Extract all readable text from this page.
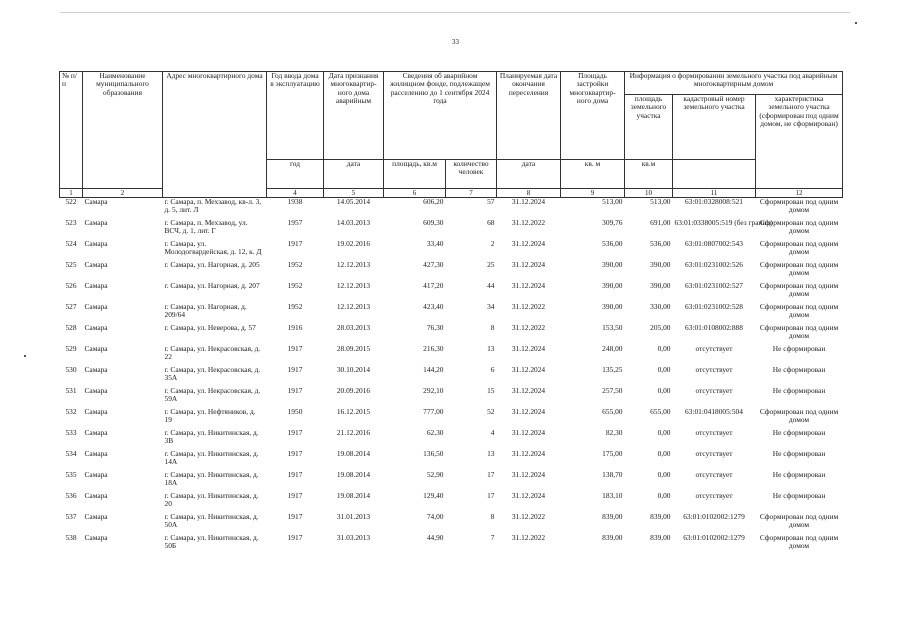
33
№ п/п	Наименование муниципального образования	Адрес многоквартирного дома	Год ввода дома в эксплуатацию	Дата признания многоквартир-ного дома аварийным	Сведения об аварийном жилищном фонде, подлежащем расселению до 1 сентября 2024 года		Планируемая дата окончания переселения	Площадь застройки многоквартир-ного дома	Информация о формировании земельного участка под аварийным многоквартирным домом		
									площадь земельного участка	кадастровый номер земельного участка	характеристика земельного участка (сформирован под одним домом, не сформирован)
			год	дата	площадь, кв.м	количество человек	дата	кв. м	кв.м		
1	2		4	5	6	7	8	9	10	11	12
522	Самара	г. Самара, п. Мехзавод, кв-л. 3, д. 5, лит. Л	1938	14.05.2014	606,20	57	31.12.2024	513,00	513,00	63:01:0328008:521	Сформирован под одним домом
523	Самара	г. Самара, п. Мехзавод, ул. ВСЧ, д. 1, лит. Г	1957	14.03.2013	609,30	68	31.12.2022	309,76	691,00	63:01:0338005:519 (без границ)	Сформирован под одним домом
524	Самара	г. Самара, ул. Молодогвардейская, д. 12, к. Д	1917	19.02.2016	33,40	2	31.12.2024	536,00	536,00	63:01:0807002:543	Сформирован под одним домом
525	Самара	г. Самара, ул. Нагорная, д. 205	1952	12.12.2013	427,30	25	31.12.2024	390,00	390,00	63:01:0231002:526	Сформирован под одним домом
526	Самара	г. Самара, ул. Нагорная, д. 207	1952	12.12.2013	417,20	44	31.12.2024	390,00	390,00	63:01:0231002:527	Сформирован под одним домом
527	Самара	г. Самара, ул. Нагорная, д. 209/64	1952	12.12.2013	423,40	34	31.12.2022	390,00	330,00	63:01:0231002:528	Сформирован под одним домом
528	Самара	г. Самара, ул. Неверова, д. 57	1916	28.03.2013	76,30	8	31.12.2022	153,50	205,00	63:01:0108002:888	Сформирован под одним домом
529	Самара	г. Самара, ул. Некрасовская, д. 22	1917	28.09.2015	216,30	13	31.12.2024	248,00	0,00	отсутствует	Не сформирован
530	Самара	г. Самара, ул. Некрасовская, д. 35А	1917	30.10.2014	144,20	6	31.12.2024	135,25	0,00	отсутствует	Не сформирован
531	Самара	г. Самара, ул. Некрасовская, д. 59А	1917	20.09.2016	292,10	15	31.12.2024	257,50	0,00	отсутствует	Не сформирован
532	Самара	г. Самара, ул. Нефтяников, д. 19	1950	16.12.2015	777,00	52	31.12.2024	655,00	655,00	63:01:0418005:504	Сформирован под одним домом
533	Самара	г. Самара, ул. Никитинская, д. 3В	1917	21.12.2016	62,30	4	31.12.2024	82,30	0,00	отсутствует	Не сформирован
534	Самара	г. Самара, ул. Никитинская, д. 14А	1917	19.08.2014	136,50	13	31.12.2024	175,00	0,00	отсутствует	Не сформирован
535	Самара	г. Самара, ул. Никитинская, д. 18А	1917	19.08.2014	52,90	17	31.12.2024	138,70	0,00	отсутствует	Не сформирован
536	Самара	г. Самара, ул. Никитинская, д. 20	1917	19.08.2014	129,40	17	31.12.2024	183,10	0,00	отсутствует	Не сформирован
537	Самара	г. Самара, ул. Никитинская, д. 50А	1917	31.01.2013	74,00	8	31.12.2022	839,00	839,00	63:01:0102002:1279	Сформирован под одним домом
538	Самара	г. Самара, ул. Никитинская, д. 50Б	1917	31.03.2013	44,90	7	31.12.2022	839,00	839,00	63:01:0102002:1279	Сформирован под одним домом
